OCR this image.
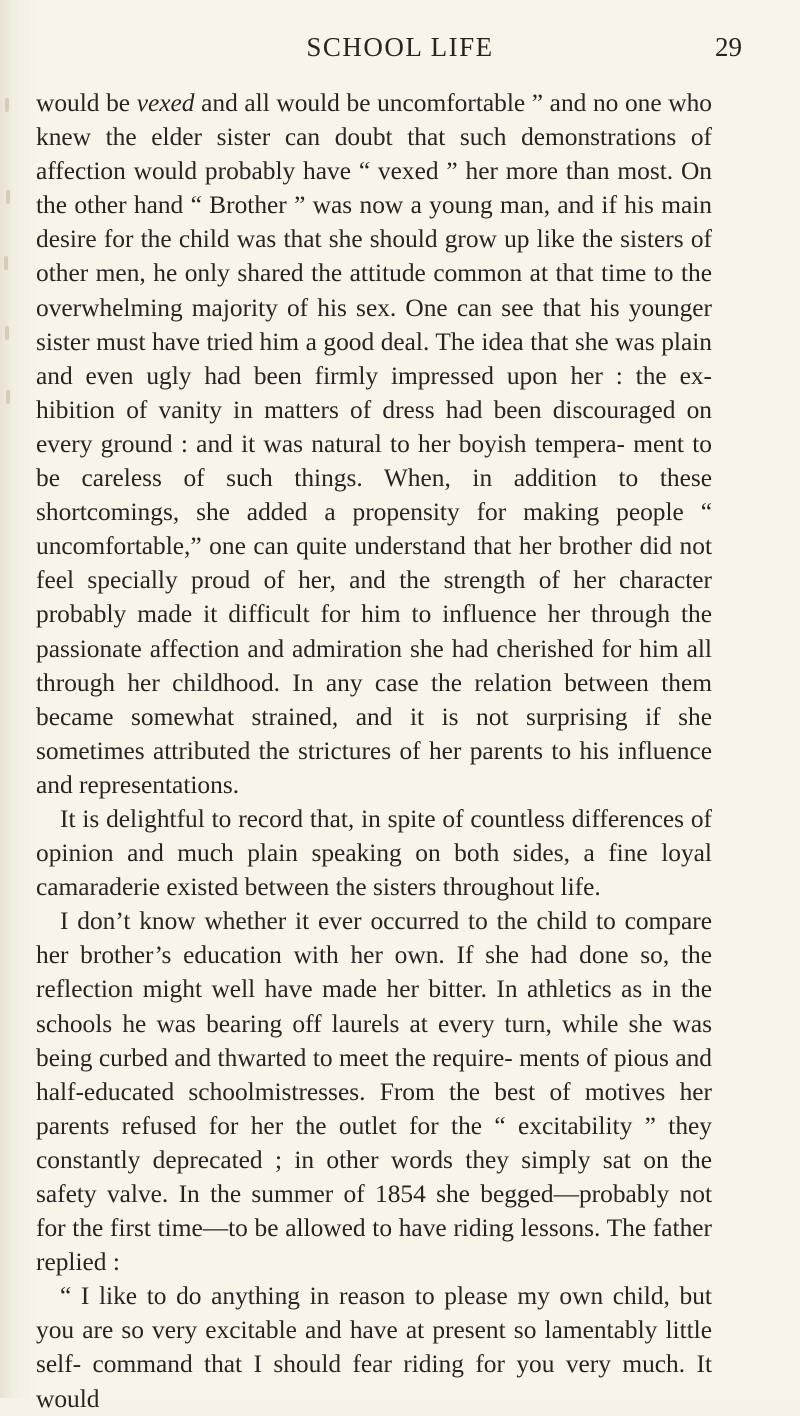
SCHOOL LIFE	29

would be vexed and all would be uncomfortable ” and no one who knew the elder sister can doubt that such demonstrations of affection would probably have “ vexed ” her more than most. On the other hand “ Brother ” was now a young man, and if his main desire for the child was that she should grow up like the sisters of other men, he only shared the attitude common at that time to the overwhelming majority of his sex. One can see that his younger sister must have tried him a good deal. The idea that she was plain and even ugly had been firmly impressed upon her : the ex- hibition of vanity in matters of dress had been discouraged on every ground : and it was natural to her boyish tempera- ment to be careless of such things. When, in addition to these shortcomings, she added a propensity for making people “ uncomfortable,” one can quite understand that her brother did not feel specially proud of her, and the strength of her character probably made it difficult for him to influence her through the passionate affection and admiration she had cherished for him all through her childhood. In any case the relation between them became somewhat strained, and it is not surprising if she sometimes attributed the strictures of her parents to his influence and representations.

It is delightful to record that, in spite of countless differences of opinion and much plain speaking on both sides, a fine loyal camaraderie existed between the sisters throughout life.

I don’t know whether it ever occurred to the child to compare her brother’s education with her own. If she had done so, the reflection might well have made her bitter. In athletics as in the schools he was bearing off laurels at every turn, while she was being curbed and thwarted to meet the require- ments of pious and half-educated schoolmistresses. From the best of motives her parents refused for her the outlet for the “ excitability ” they constantly deprecated ; in other words they simply sat on the safety valve. In the summer of 1854 she begged—probably not for the first time—to be allowed to have riding lessons. The father replied :

“ I like to do anything in reason to please my own child, but you are so very excitable and have at present so lamentably little self- command that I should fear riding for you very much. It would
